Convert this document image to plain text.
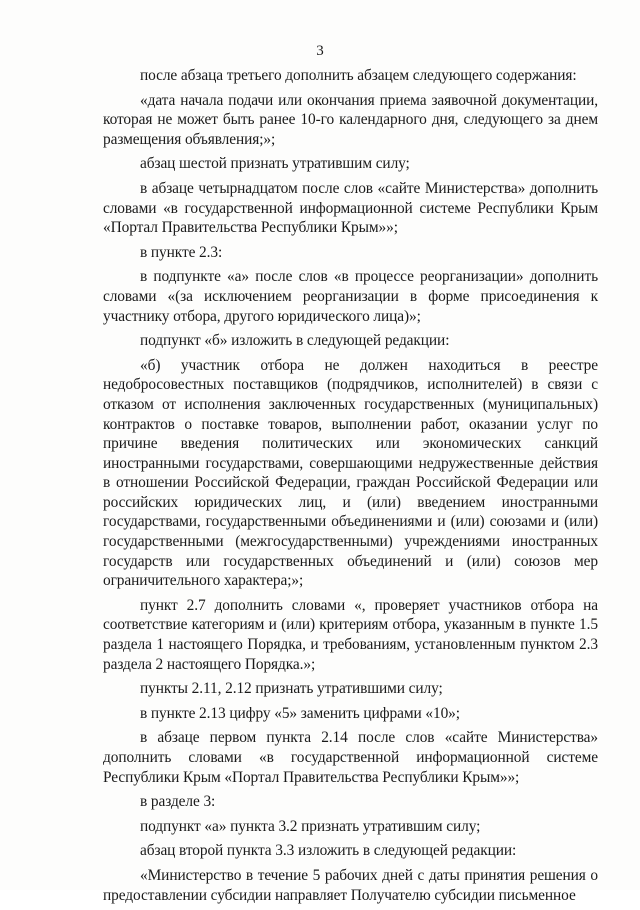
3

после абзаца третьего дополнить абзацем следующего содержания:

«дата начала подачи или окончания приема заявочной документации, которая не может быть ранее 10-го календарного дня, следующего за днем размещения объявления;»;

абзац шестой признать утратившим силу;

в абзаце четырнадцатом после слов «сайте Министерства» дополнить словами «в государственной информационной системе Республики Крым «Портал Правительства Республики Крым»»;

в пункте 2.3:

в подпункте «а» после слов «в процессе реорганизации» дополнить словами «(за исключением реорганизации в форме присоединения к участнику отбора, другого юридического лица)»;

подпункт «б» изложить в следующей редакции:

«б) участник отбора не должен находиться в реестре недобросовестных поставщиков (подрядчиков, исполнителей) в связи с отказом от исполнения заключенных государственных (муниципальных) контрактов о поставке товаров, выполнении работ, оказании услуг по причине введения политических или экономических санкций иностранными государствами, совершающими недружественные действия в отношении Российской Федерации, граждан Российской Федерации или российских юридических лиц, и (или) введением иностранными государствами, государственными объединениями и (или) союзами и (или) государственными (межгосударственными) учреждениями иностранных государств или государственных объединений и (или) союзов мер ограничительного характера;»;

пункт 2.7 дополнить словами «, проверяет участников отбора на соответствие категориям и (или) критериям отбора, указанным в пункте 1.5 раздела 1 настоящего Порядка, и требованиям, установленным пунктом 2.3 раздела 2 настоящего Порядка.»;

пункты 2.11, 2.12 признать утратившими силу;

в пункте 2.13 цифру «5» заменить цифрами «10»;

в абзаце первом пункта 2.14 после слов «сайте Министерства» дополнить словами «в государственной информационной системе Республики Крым «Портал Правительства Республики Крым»»;

в разделе 3:

подпункт «а» пункта 3.2 признать утратившим силу;

абзац второй пункта 3.3 изложить в следующей редакции:

«Министерство в течение 5 рабочих дней с даты принятия решения о предоставлении субсидии направляет Получателю субсидии письменное
